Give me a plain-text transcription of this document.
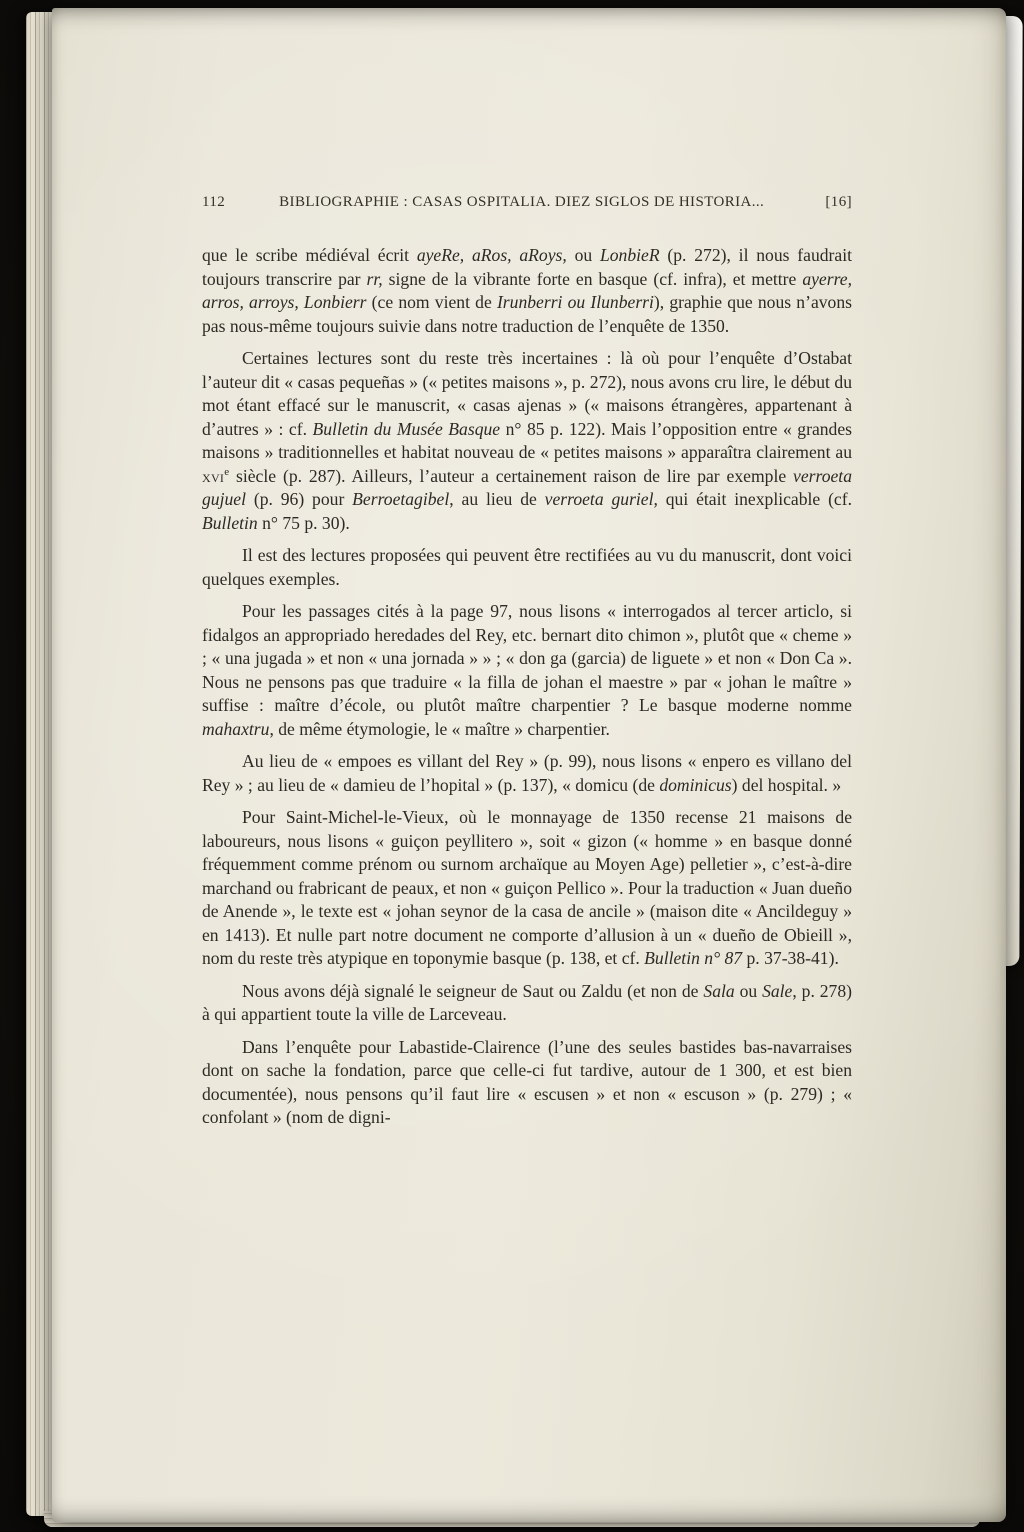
112	BIBLIOGRAPHIE : CASAS OSPITALIA. DIEZ SIGLOS DE HISTORIA...	[16]

que le scribe médiéval écrit ayeRe, aRos, aRoys, ou LonbieR (p. 272), il nous faudrait toujours transcrire par rr, signe de la vibrante forte en basque (cf. infra), et mettre ayerre, arros, arroys, Lonbierr (ce nom vient de Irunberri ou Ilunberri), graphie que nous n’avons pas nous-même toujours suivie dans notre traduction de l’enquête de 1350.

Certaines lectures sont du reste très incertaines : là où pour l’enquête d’Ostabat l’auteur dit « casas pequeñas » (« petites maisons », p. 272), nous avons cru lire, le début du mot étant effacé sur le manuscrit, « casas ajenas » (« maisons étrangères, appartenant à d’autres » : cf. Bulletin du Musée Basque n° 85 p. 122). Mais l’opposition entre « grandes maisons » traditionnelles et habitat nouveau de « petites maisons » apparaîtra clairement au xvi$^e$ siècle (p. 287). Ailleurs, l’auteur a certainement raison de lire par exemple verroeta gujuel (p. 96) pour Berroetagibel, au lieu de verroeta guriel, qui était inexplicable (cf. Bulletin n° 75 p. 30).

Il est des lectures proposées qui peuvent être rectifiées au vu du manuscrit, dont voici quelques exemples.

Pour les passages cités à la page 97, nous lisons « interrogados al tercer articlo, si fidalgos an appropriado heredades del Rey, etc. bernart dito chimon », plutôt que « cheme » ; « una jugada » et non « una jornada » » ; « don ga (garcia) de liguete » et non « Don Ca ». Nous ne pensons pas que traduire « la filla de johan el maestre » par « johan le maître » suffise : maître d’école, ou plutôt maître charpentier ? Le basque moderne nomme mahaxtru, de même étymologie, le « maître » charpentier.

Au lieu de « empoes es villant del Rey » (p. 99), nous lisons « enpero es villano del Rey » ; au lieu de « damieu de l’hopital » (p. 137), « domicu (de dominicus) del hospital. »

Pour Saint-Michel-le-Vieux, où le monnayage de 1350 recense 21 maisons de laboureurs, nous lisons « guiçon peyllitero », soit « gizon (« homme » en basque donné fréquemment comme prénom ou surnom archaïque au Moyen Age) pelletier », c’est-à-dire marchand ou frabricant de peaux, et non « guiçon Pellico ». Pour la traduction « Juan dueño de Anende », le texte est « johan seynor de la casa de ancile » (maison dite « Ancildeguy » en 1413). Et nulle part notre document ne comporte d’allusion à un « dueño de Obieill », nom du reste très atypique en toponymie basque (p. 138, et cf. Bulletin n° 87 p. 37-38-41).

Nous avons déjà signalé le seigneur de Saut ou Zaldu (et non de Sala ou Sale, p. 278) à qui appartient toute la ville de Larceveau.

Dans l’enquête pour Labastide-Clairence (l’une des seules bastides bas-navarraises dont on sache la fondation, parce que celle-ci fut tardive, autour de 1 300, et est bien documentée), nous pensons qu’il faut lire « escusen » et non « escuson » (p. 279) ; « confolant » (nom de digni-
